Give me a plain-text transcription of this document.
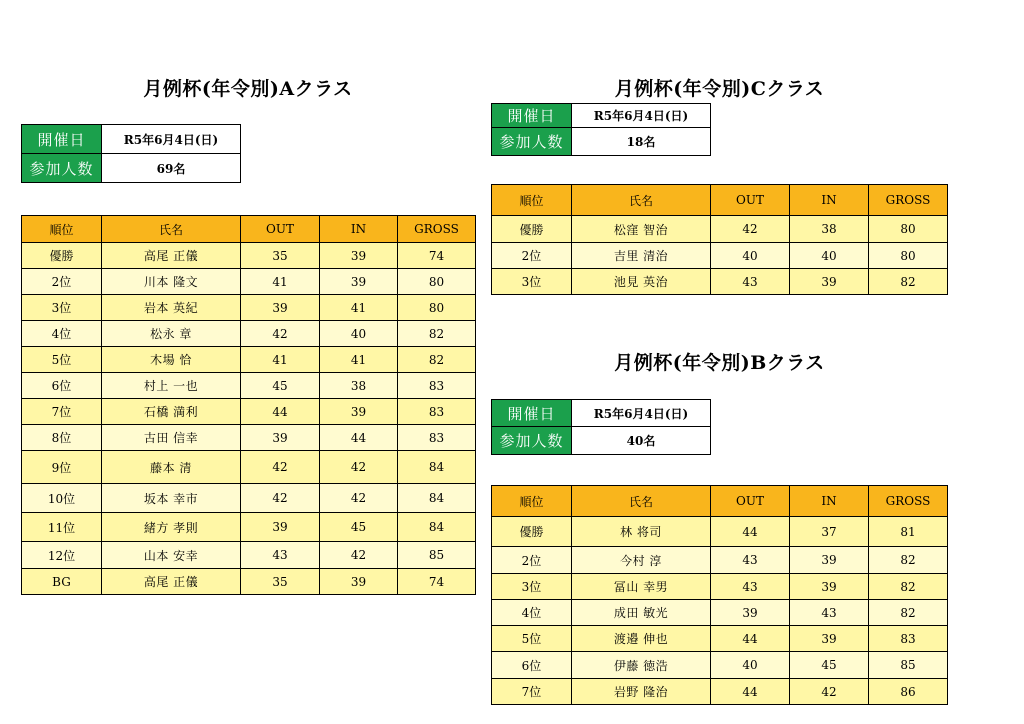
月例杯(年令別)Aクラス
開催日	R5年6月4日(日)
参加人数	69名
順位	氏名	OUT	IN	GROSS
優勝	高尾 正儀	35	39	74
2位	川本 隆文	41	39	80
3位	岩本 英紀	39	41	80
4位	松永 章	42	40	82
5位	木場 恰	41	41	82
6位	村上 一也	45	38	83
7位	石橋 満利	44	39	83
8位	古田 信幸	39	44	83
9位	藤本 清	42	42	84
10位	坂本 幸市	42	42	84
11位	緒方 孝則	39	45	84
12位	山本 安幸	43	42	85
BG	高尾 正儀	35	39	74
月例杯(年令別)Cクラス
開催日	R5年6月4日(日)
参加人数	18名
順位	氏名	OUT	IN	GROSS
優勝	松窪 智治	42	38	80
2位	吉里 清治	40	40	80
3位	池見 英治	43	39	82
月例杯(年令別)Bクラス
開催日	R5年6月4日(日)
参加人数	40名
順位	氏名	OUT	IN	GROSS
優勝	林 将司	44	37	81
2位	今村 淳	43	39	82
3位	冨山 幸男	43	39	82
4位	成田 敏光	39	43	82
5位	渡邉 伸也	44	39	83
6位	伊藤 徳浩	40	45	85
7位	岩野 隆治	44	42	86
